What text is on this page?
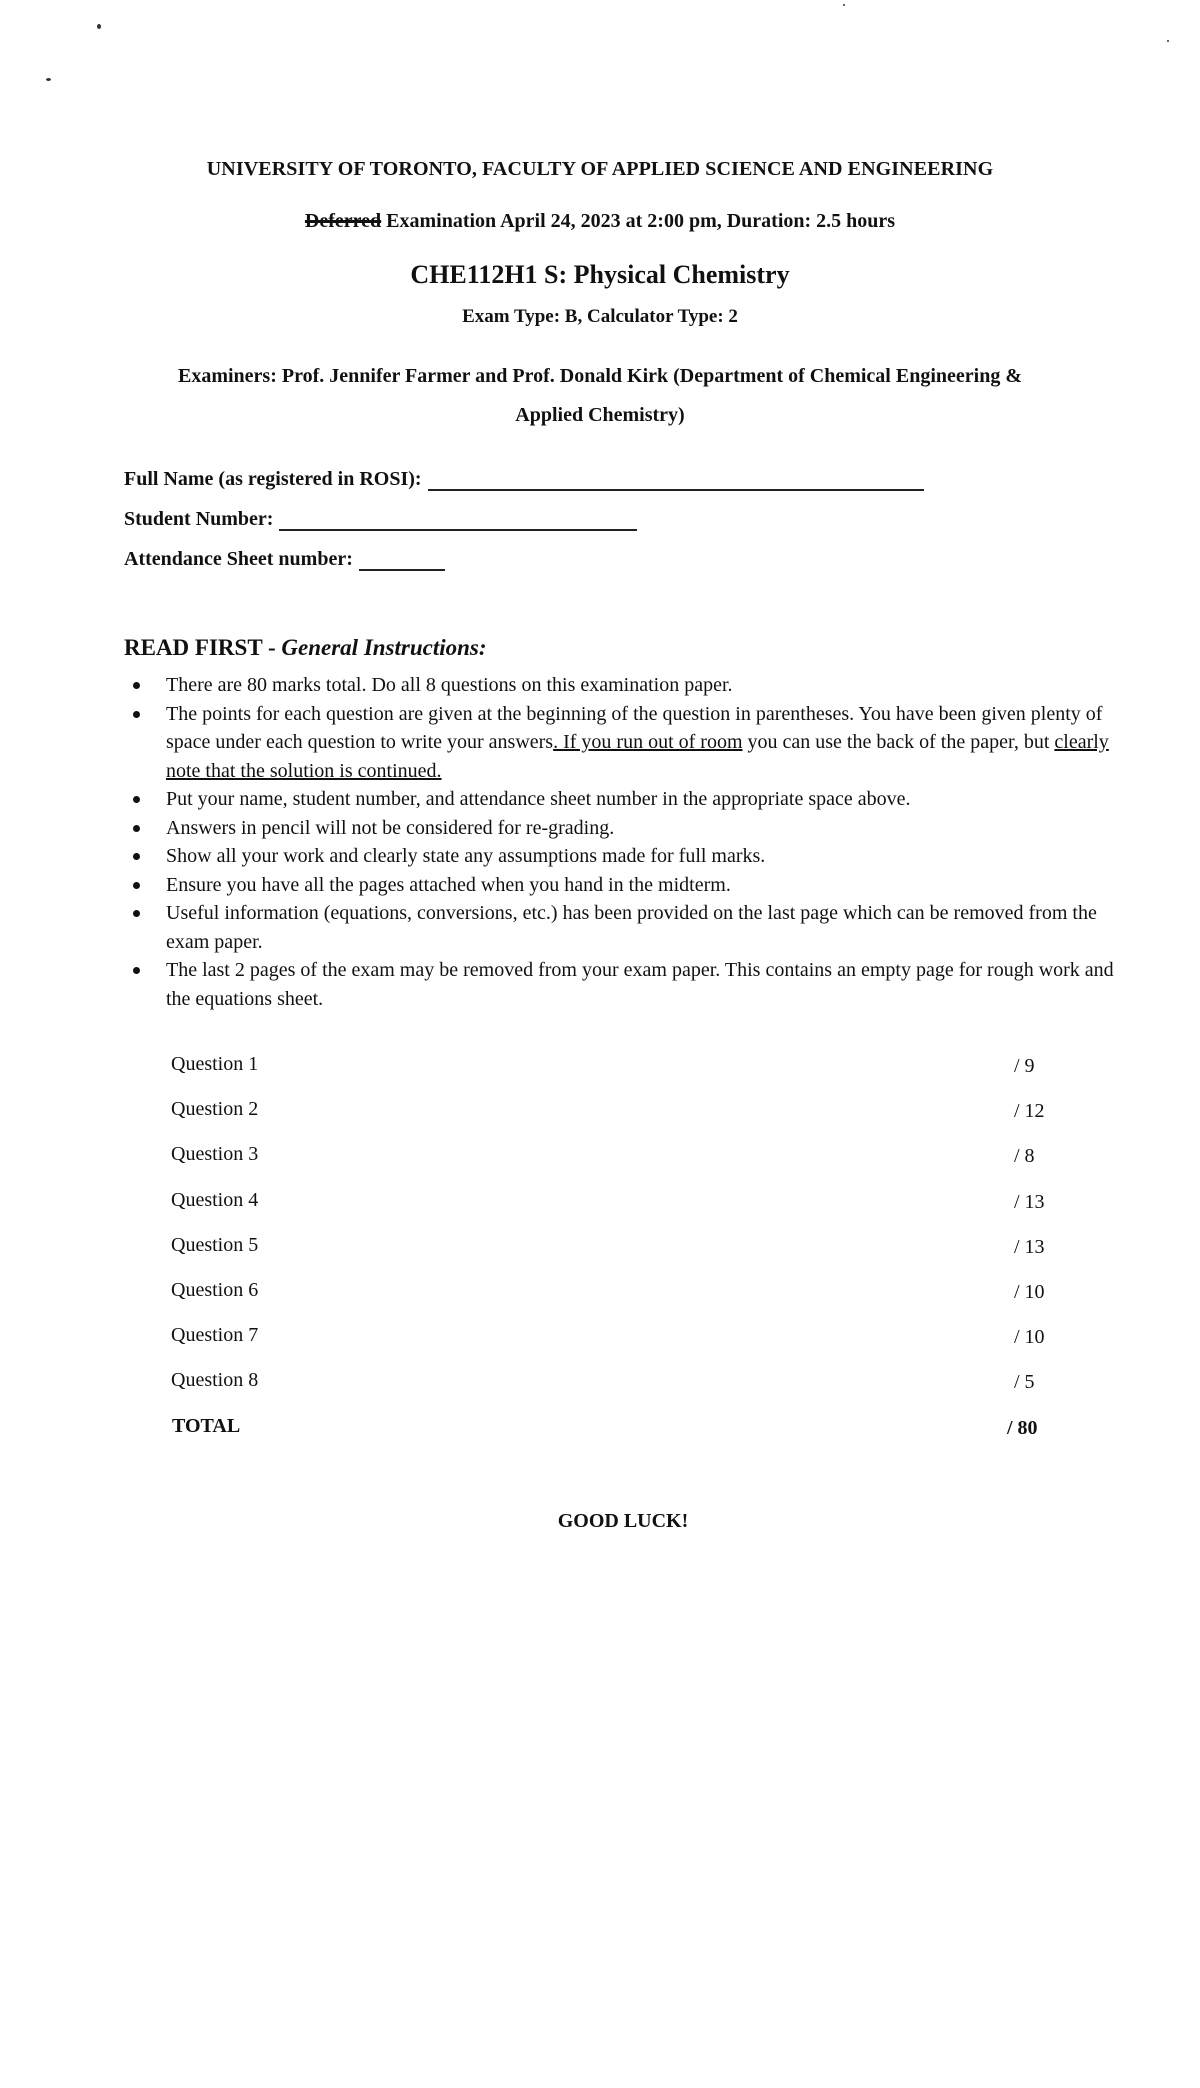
UNIVERSITY OF TORONTO, FACULTY OF APPLIED SCIENCE AND ENGINEERING
Deferred Examination April 24, 2023 at 2:00 pm, Duration: 2.5 hours
CHE112H1 S: Physical Chemistry
Exam Type: B, Calculator Type: 2
Examiners: Prof. Jennifer Farmer and Prof. Donald Kirk (Department of Chemical Engineering &
Applied Chemistry)
Full Name (as registered in ROSI):
Student Number:
Attendance Sheet number:
READ FIRST - General Instructions:
There are 80 marks total. Do all 8 questions on this examination paper.
The points for each question are given at the beginning of the question in parentheses. You have been given plenty of space under each question to write your answers. If you run out of room you can use the back of the paper, but clearly note that the solution is continued.
Put your name, student number, and attendance sheet number in the appropriate space above.
Answers in pencil will not be considered for re-grading.
Show all your work and clearly state any assumptions made for full marks.
Ensure you have all the pages attached when you hand in the midterm.
Useful information (equations, conversions, etc.) has been provided on the last page which can be removed from the exam paper.
The last 2 pages of the exam may be removed from your exam paper. This contains an empty page for rough work and the equations sheet.
Question 1	/ 9
Question 2	/ 12
Question 3	/ 8
Question 4	/ 13
Question 5	/ 13
Question 6	/ 10
Question 7	/ 10
Question 8	/ 5
TOTAL	/ 80
GOOD LUCK!
